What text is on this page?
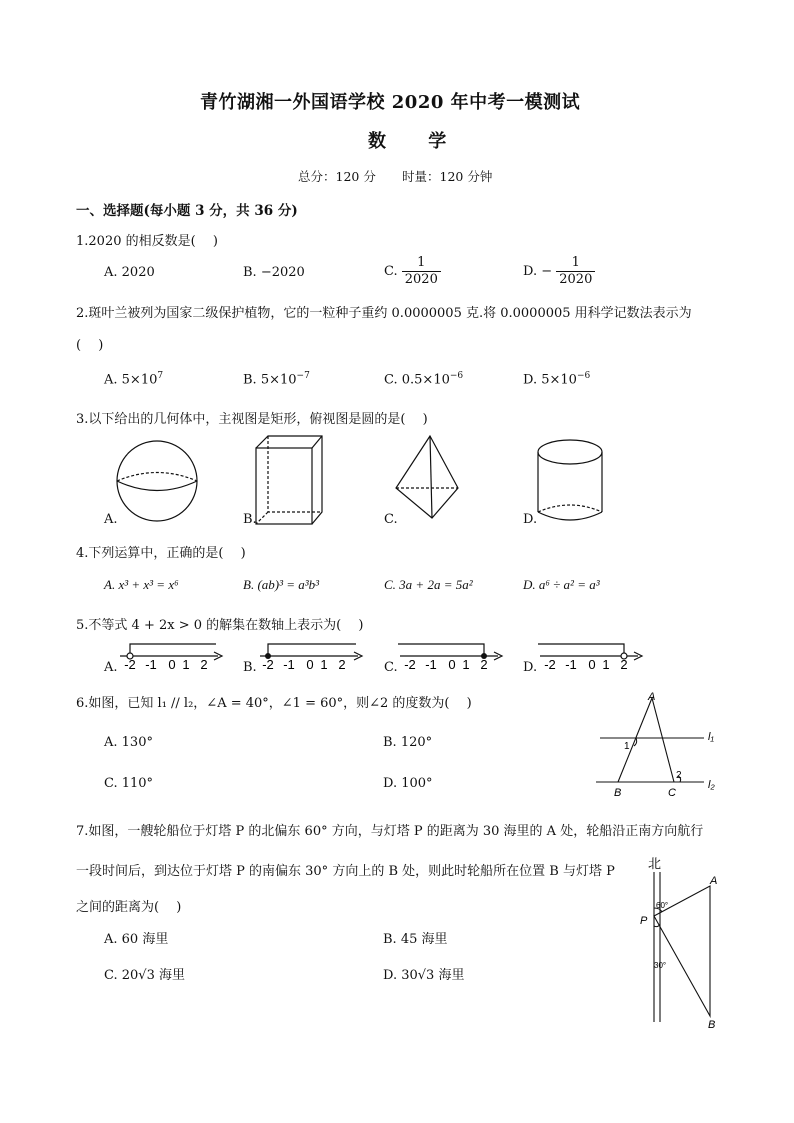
青竹湖湘一外国语学校 2020 年中考一模测试
数 学
总分：120 分 时量：120 分钟
一、选择题(每小题 3 分，共 36 分)
1.2020 的相反数是(　 )
A. 2020	B. −2020	C. $\frac{1}{2020}$	D. − $\frac{1}{2020}$
2.斑叶兰被列为国家二级保护植物，它的一粒种子重约 0.0000005 克.将 0.0000005 用科学记数法表示为
(　 )
A. $5\times 10^7$	B. $5\times 10^{-7}$	C. $0.5\times 10^{-6}$	D. $5\times 10^{-6}$
3.以下给出的几何体中，主视图是矩形，俯视图是圆的是(　 )
A.	B.	C.	D.
4.下列运算中，正确的是(　 )
A. x³ + x³ = x⁶	B. (ab)³ = a³b³	C. 3a + 2a = 5a²	D. a⁶ ÷ a² = a³
5.不等式 4 + 2x > 0 的解集在数轴上表示为(　 )
A.	B.	C.	D.
-2 -1 0 1 2	-2 -1 0 1 2	-2 -1 0 1 2	-2 -1 0 1 2
6.如图，已知 l₁ // l₂，∠A = 40°，∠1 = 60°，则∠2 的度数为(　 )
A. 130°	B. 120°
C. 110°	D. 100°
A
B	C
l₁
l₂
1
2
7.如图，一艘轮船位于灯塔 P 的北偏东 60° 方向，与灯塔 P 的距离为 30 海里的 A 处，轮船沿正南方向航行
一段时间后，到达位于灯塔 P 的南偏东 30° 方向上的 B 处，则此时轮船所在位置 B 与灯塔 P
之间的距离为(　 )
A. 60 海里	B. 45 海里
C. 20√3 海里	D. 30√3 海里
北
P
A
B
60°
30°
